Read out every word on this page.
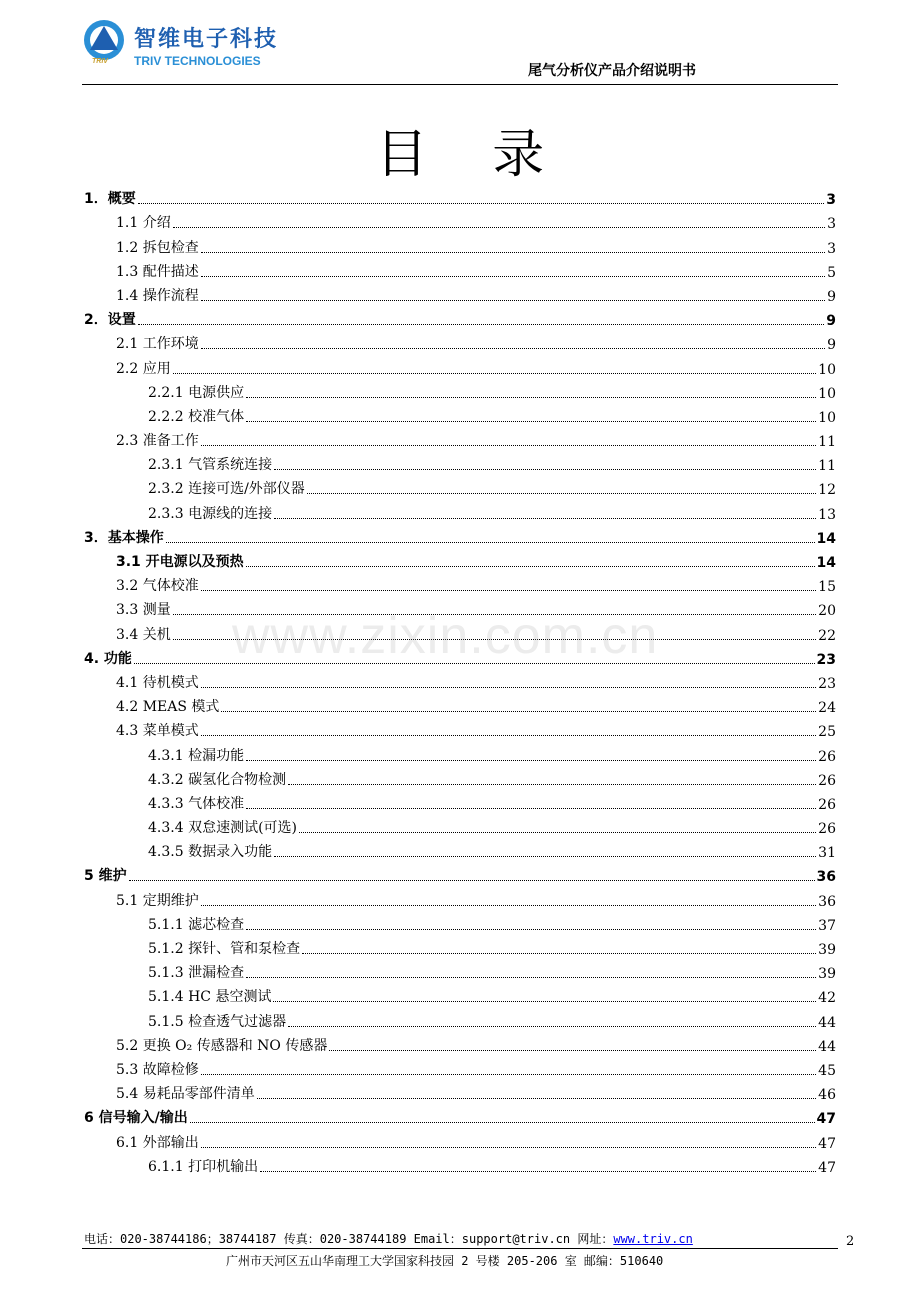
智维电子科技
TRIV TECHNOLOGIES
TRIV
尾气分析仪产品介绍说明书
目 录
1．概要	3
1.1 介绍	3
1.2 拆包检查	3
1.3 配件描述	5
1.4 操作流程	9
2．设置	9
2.1 工作环境	9
2.2 应用	10
2.2.1 电源供应	10
2.2.2 校准气体	10
2.3 准备工作	11
2.3.1 气管系统连接	11
2.3.2 连接可选/外部仪器	12
2.3.3 电源线的连接	13
3．基本操作	14
3.1 开电源以及预热	14
3.2 气体校准	15
3.3 测量	20
3.4 关机	22
4. 功能	23
4.1 待机模式	23
4.2 MEAS 模式	24
4.3 菜单模式	25
4.3.1 检漏功能	26
4.3.2 碳氢化合物检测	26
4.3.3 气体校准	26
4.3.4 双怠速测试(可选)	26
4.3.5 数据录入功能	31
5 维护	36
5.1 定期维护	36
5.1.1 滤芯检查	37
5.1.2 探针、管和泵检查	39
5.1.3 泄漏检查	39
5.1.4 HC 悬空测试	42
5.1.5 检查透气过滤器	44
5.2 更换 O₂ 传感器和 NO 传感器	44
5.3 故障检修	45
5.4 易耗品零部件清单	46
6 信号输入/输出	47
6.1 外部输出	47
6.1.1 打印机输出	47
www.zixin.com.cn
电话：020-38744186；38744187 传真：020-38744189 Email：support@triv.cn 网址：www.triv.cn
广州市天河区五山华南理工大学国家科技园 2 号楼 205-206 室 邮编：510640
2
